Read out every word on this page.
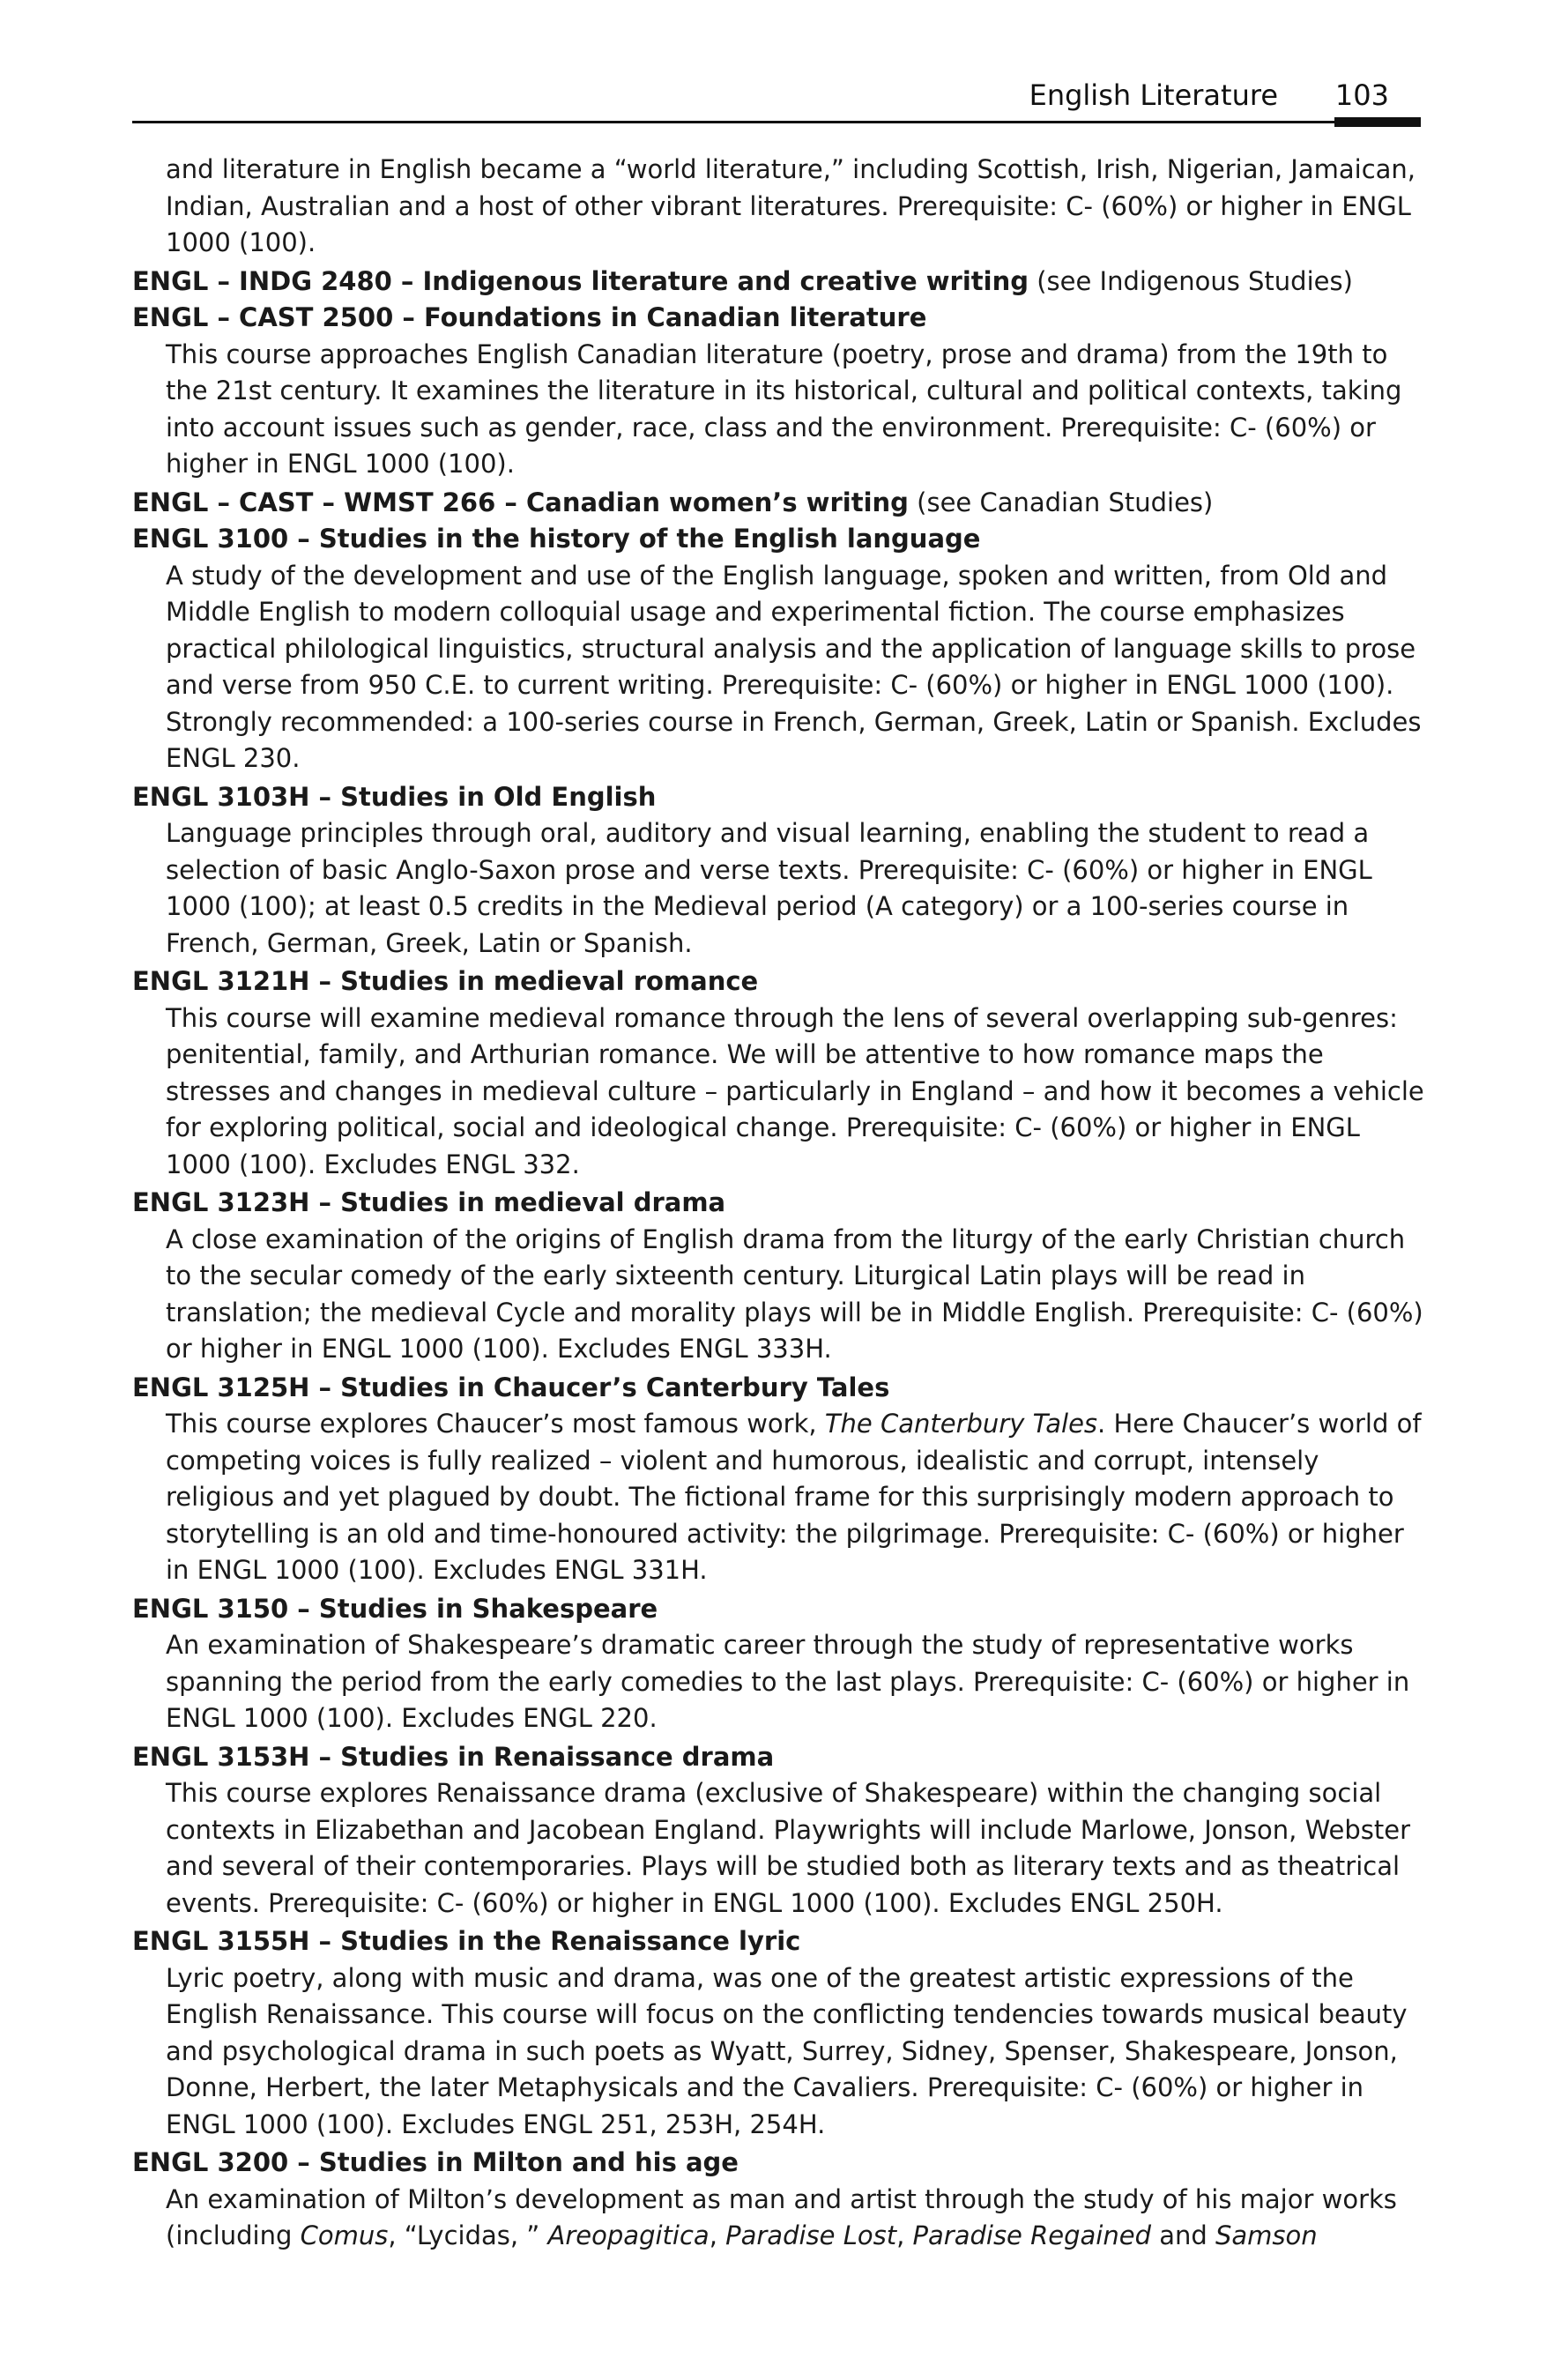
English Literature 103

and literature in English became a “world literature,” including Scottish, Irish, Nigerian, Jamaican, Indian, Australian and a host of other vibrant literatures. Prerequisite: C- (60%) or higher in ENGL 1000 (100).

ENGL – INDG 2480 – Indigenous literature and creative writing (see Indigenous Studies)

ENGL – CAST 2500 – Foundations in Canadian literature

This course approaches English Canadian literature (poetry, prose and drama) from the 19th to the 21st century. It examines the literature in its historical, cultural and political contexts, taking into account issues such as gender, race, class and the environment. Prerequisite: C- (60%) or higher in ENGL 1000 (100).

ENGL – CAST – WMST 266 – Canadian women’s writing (see Canadian Studies)

ENGL 3100 – Studies in the history of the English language

A study of the development and use of the English language, spoken and written, from Old and Middle English to modern colloquial usage and experimental fiction. The course emphasizes practical philological linguistics, structural analysis and the application of language skills to prose and verse from 950 C.E. to current writing. Prerequisite: C- (60%) or higher in ENGL 1000 (100). Strongly recommended: a 100-series course in French, German, Greek, Latin or Spanish. Excludes ENGL 230.

ENGL 3103H – Studies in Old English

Language principles through oral, auditory and visual learning, enabling the student to read a selection of basic Anglo-Saxon prose and verse texts. Prerequisite: C- (60%) or higher in ENGL 1000 (100); at least 0.5 credits in the Medieval period (A category) or a 100-series course in French, German, Greek, Latin or Spanish.

ENGL 3121H – Studies in medieval romance

This course will examine medieval romance through the lens of several overlapping sub-genres: penitential, family, and Arthurian romance. We will be attentive to how romance maps the stresses and changes in medieval culture – particularly in England – and how it becomes a vehicle for exploring political, social and ideological change. Prerequisite: C- (60%) or higher in ENGL 1000 (100). Excludes ENGL 332.

ENGL 3123H – Studies in medieval drama

A close examination of the origins of English drama from the liturgy of the early Christian church to the secular comedy of the early sixteenth century. Liturgical Latin plays will be read in translation; the medieval Cycle and morality plays will be in Middle English. Prerequisite: C- (60%) or higher in ENGL 1000 (100). Excludes ENGL 333H.

ENGL 3125H – Studies in Chaucer’s Canterbury Tales

This course explores Chaucer’s most famous work, The Canterbury Tales. Here Chaucer’s world of competing voices is fully realized – violent and humorous, idealistic and corrupt, intensely religious and yet plagued by doubt. The fictional frame for this surprisingly modern approach to storytelling is an old and time-honoured activity: the pilgrimage. Prerequisite: C- (60%) or higher in ENGL 1000 (100). Excludes ENGL 331H.

ENGL 3150 – Studies in Shakespeare

An examination of Shakespeare’s dramatic career through the study of representative works spanning the period from the early comedies to the last plays. Prerequisite: C- (60%) or higher in ENGL 1000 (100). Excludes ENGL 220.

ENGL 3153H – Studies in Renaissance drama

This course explores Renaissance drama (exclusive of Shakespeare) within the changing social contexts in Elizabethan and Jacobean England. Playwrights will include Marlowe, Jonson, Webster and several of their contemporaries. Plays will be studied both as literary texts and as theatrical events. Prerequisite: C- (60%) or higher in ENGL 1000 (100). Excludes ENGL 250H.

ENGL 3155H – Studies in the Renaissance lyric

Lyric poetry, along with music and drama, was one of the greatest artistic expressions of the English Renaissance. This course will focus on the conflicting tendencies towards musical beauty and psychological drama in such poets as Wyatt, Surrey, Sidney, Spenser, Shakespeare, Jonson, Donne, Herbert, the later Metaphysicals and the Cavaliers. Prerequisite: C- (60%) or higher in ENGL 1000 (100). Excludes ENGL 251, 253H, 254H.

ENGL 3200 – Studies in Milton and his age

An examination of Milton’s development as man and artist through the study of his major works (including Comus, “Lycidas, ” Areopagitica, Paradise Lost, Paradise Regained and Samson
